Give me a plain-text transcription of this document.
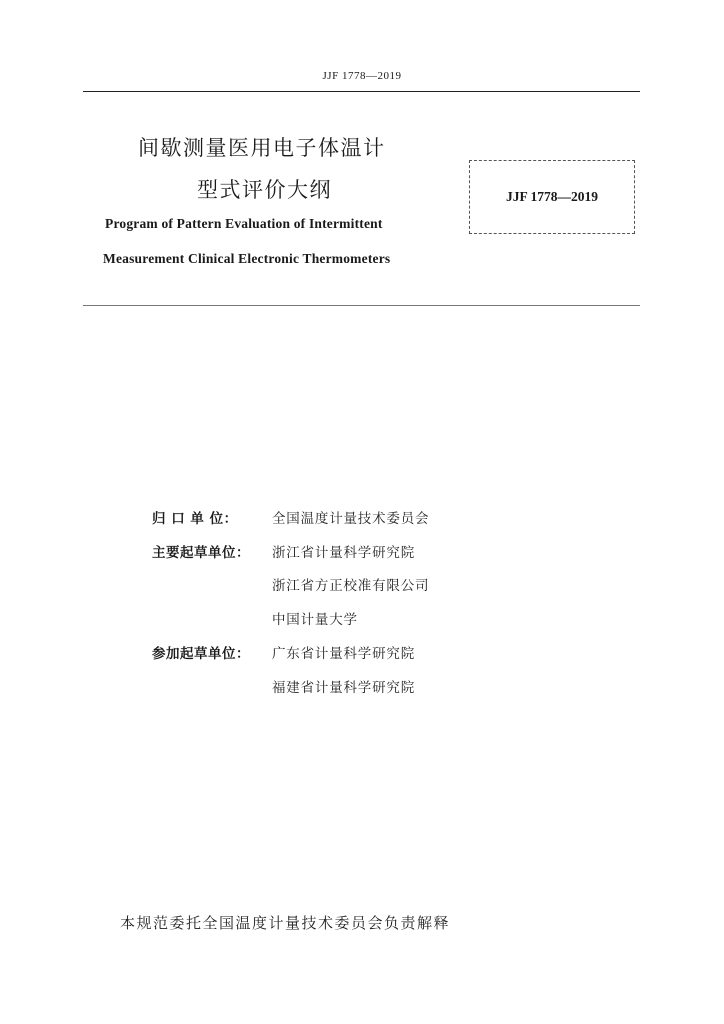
JJF 1778—2019
间歇测量医用电子体温计
型式评价大纲
Program of Pattern Evaluation of Intermittent
Measurement Clinical Electronic Thermometers
JJF 1778—2019
归 口 单 位：	全国温度计量技术委员会
主要起草单位：	浙江省计量科学研究院
浙江省方正校准有限公司
中国计量大学
参加起草单位：	广东省计量科学研究院
福建省计量科学研究院
本规范委托全国温度计量技术委员会负责解释
